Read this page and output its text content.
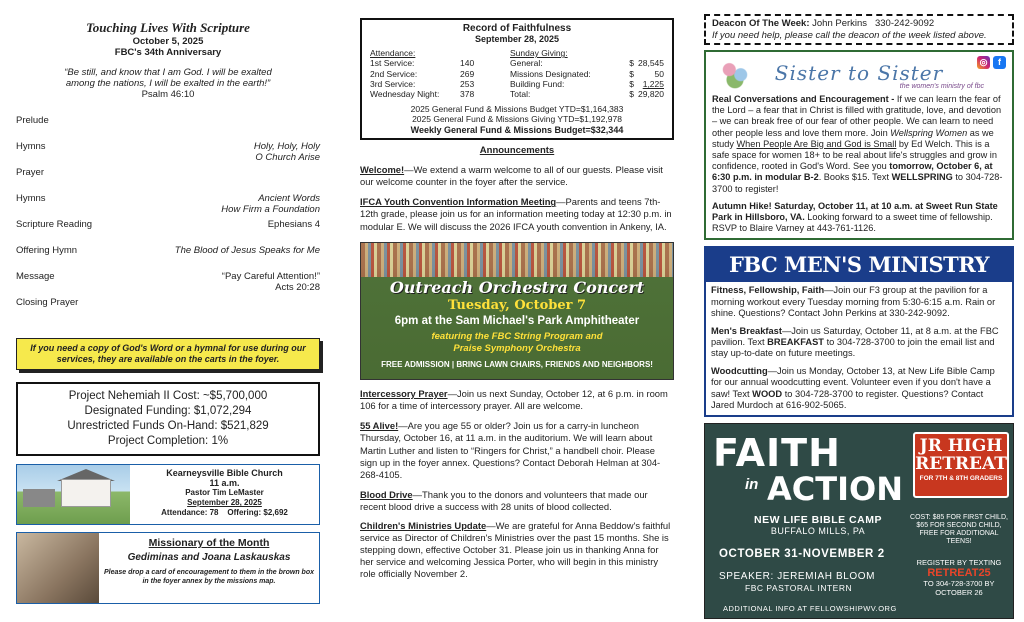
Touching Lives With Scripture
October 5, 2025
FBC's 34th Anniversary
“Be still, and know that I am God. I will be exalted among the nations, I will be exalted in the earth!”
Psalm 46:10
Prelude
Hymns	Holy, Holy, Holy
O Church Arise
Prayer
Hymns	Ancient Words
How Firm a Foundation
Scripture Reading	Ephesians 4
Offering Hymn	The Blood of Jesus Speaks for Me
Message	“Pay Careful Attention!”
Acts 20:28
Closing Prayer
If you need a copy of God's Word or a hymnal for use during our services, they are available on the carts in the foyer.
Project Nehemiah II Cost: ~$5,700,000
Designated Funding: $1,072,294
Unrestricted Funds On-Hand: $521,829
Project Completion: 1%
Kearneysville Bible Church
11 a.m.
Pastor Tim LeMaster
September 28, 2025
Attendance: 78 Offering: $2,692
Missionary of the Month
Gediminas and Joana Laskauskas
Please drop a card of encouragement to them in the brown box in the foyer annex by the missions map.
Record of Faithfulness
September 28, 2025
Attendance:
1st Service:	140
2nd Service:	269
3rd Service:	253
Wednesday Night:	378
Sunday Giving:
General:	$ 28,545
Missions Designated:	$	50
Building Fund:	$	1,225
Total:	$ 29,820
2025 General Fund & Missions Budget YTD=$1,164,383
2025 General Fund & Missions Giving YTD=$1,192,978
Weekly General Fund & Missions Budget=$32,344
Announcements
Welcome!—We extend a warm welcome to all of our guests. Please visit our welcome counter in the foyer after the service.
IFCA Youth Convention Information Meeting—Parents and teens 7th-12th grade, please join us for an information meeting today at 12:30 p.m. in modular E. We will discuss the 2026 IFCA youth convention in Ankeny, IA.
Outreach Orchestra Concert
Tuesday, October 7
6pm at the Sam Michael's Park Amphitheater
featuring the FBC String Program and
Praise Symphony Orchestra
FREE ADMISSION | BRING LAWN CHAIRS, FRIENDS AND NEIGHBORS!
Intercessory Prayer—Join us next Sunday, October 12, at 6 p.m. in room 106 for a time of intercessory prayer. All are welcome.
55 Alive!—Are you age 55 or older? Join us for a carry-in luncheon Thursday, October 16, at 11 a.m. in the auditorium. We will learn about Martin Luther and listen to “Ringers for Christ,” a handbell choir. Please sign up in the foyer annex. Questions? Contact Deborah Helman at 304-268-4105.
Blood Drive—Thank you to the donors and volunteers that made our recent blood drive a success with 28 units of blood collected.
Children's Ministries Update—We are grateful for Anna Beddow's faithful service as Director of Children's Ministries over the past 15 months. She is stepping down, effective October 31. Please join us in thanking Anna for her service and welcoming Jessica Porter, who will begin in this ministry role officially November 2.
Deacon Of The Week: John Perkins 330-242-9092
If you need help, please call the deacon of the week listed above.
Sister to Sister
the women's ministry of fbc
◎	f
Real Conversations and Encouragement - If we can learn the fear of the Lord – a fear that in Christ is filled with gratitude, love, and devotion – we can break free of our fear of other people. We can learn to need other people less and love them more. Join Wellspring Women as we study When People Are Big and God is Small by Ed Welch. This is a safe space for women 18+ to be real about life's struggles and grow in confidence, rooted in God's Word. See you tomorrow, October 6, at 6:30 p.m. in modular B-2. Books $15. Text WELLSPRING to 304-728-3700 to register!
Autumn Hike! Saturday, October 11, at 10 a.m. at Sweet Run State Park in Hillsboro, VA. Looking forward to a sweet time of fellowship. RSVP to Blaire Varney at 443-761-1126.
FBC MEN'S MINISTRY

Fitness, Fellowship, Faith—Join our F3 group at the pavilion for a morning workout every Tuesday morning from 5:30-6:15 a.m. Rain or shine. Questions? Contact John Perkins at 330-242-9092.

Men's Breakfast—Join us Saturday, October 11, at 8 a.m. at the FBC pavilion. Text BREAKFAST to 304-728-3700 to join the email list and stay up-to-date on future meetings.

Woodcutting—Join us Monday, October 13, at New Life Bible Camp for our annual woodcutting event. Volunteer even if you don't have a saw! Text WOOD to 304-728-3700 to register. Questions? Contact Jared Murdoch at 616-902-5065.

FAITH
in ACTION
JR HIGH RETREAT
FOR 7TH & 8TH GRADERS
NEW LIFE BIBLE CAMP
BUFFALO MILLS, PA
OCTOBER 31-NOVEMBER 2
SPEAKER: JEREMIAH BLOOM
FBC PASTORAL INTERN
ADDITIONAL INFO AT FELLOWSHIPWV.ORG
COST: $85 FOR FIRST CHILD, $65 FOR SECOND CHILD, FREE FOR ADDITIONAL TEENS!
REGISTER BY TEXTING
RETREAT25
TO 304-728-3700 BY OCTOBER 26
